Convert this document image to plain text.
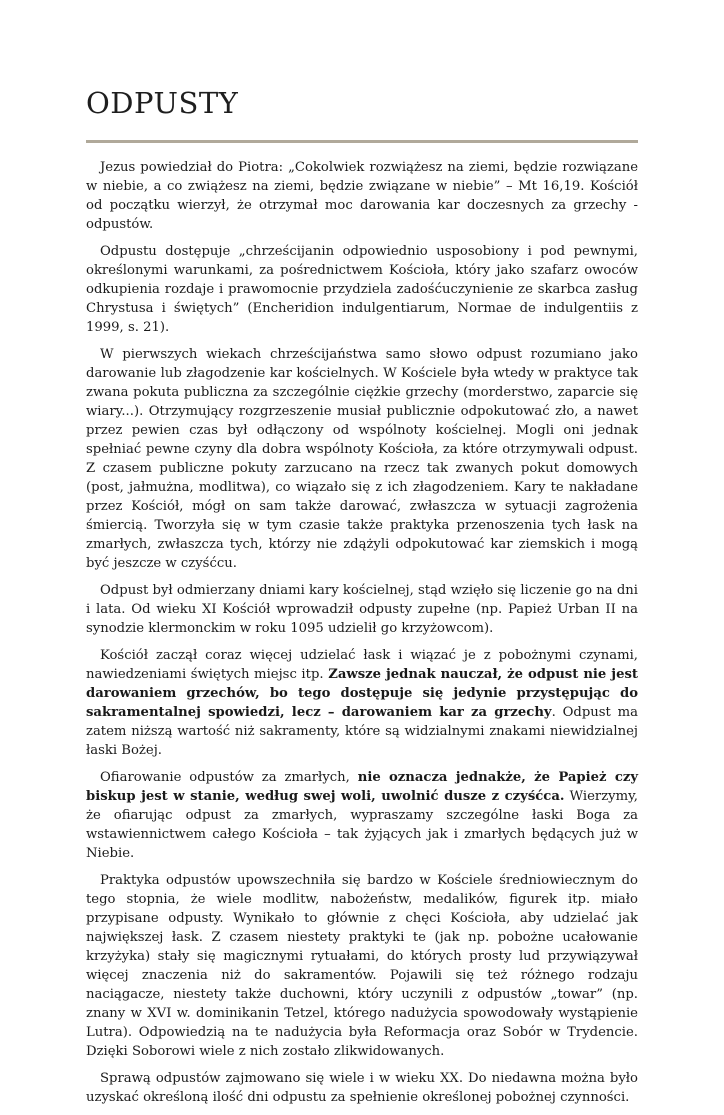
ODPUSTY

Jezus powiedział do Piotra: „Cokolwiek rozwiążesz na ziemi, będzie rozwiązane w niebie, a co zwiążesz na ziemi, będzie związane w niebie” – Mt 16,19. Kościół od początku wierzył, że otrzymał moc darowania kar doczesnych za grzechy - odpustów.

Odpustu dostępuje „chrześcijanin odpowiednio usposobiony i pod pewnymi, określonymi warunkami, za pośrednictwem Kościoła, który jako szafarz owoców odkupienia rozdaje i prawomocnie przydziela zadośćuczynienie ze skarbca zasług Chrystusa i świętych” (Encheridion indulgentiarum, Normae de indulgentiis z 1999, s. 21).

W pierwszych wiekach chrześcijaństwa samo słowo odpust rozumiano jako darowanie lub złagodzenie kar kościelnych. W Kościele była wtedy w praktyce tak zwana pokuta publiczna za szczególnie ciężkie grzechy (morderstwo, zaparcie się wiary...). Otrzymujący rozgrzeszenie musiał publicznie odpokutować zło, a nawet przez pewien czas był odłączony od wspólnoty kościelnej. Mogli oni jednak spełniać pewne czyny dla dobra wspólnoty Kościoła, za które otrzymywali odpust. Z czasem publiczne pokuty zarzucano na rzecz tak zwanych pokut domowych (post, jałmużna, modlitwa), co wiązało się z ich złagodzeniem. Kary te nakładane przez Kościół, mógł on sam także darować, zwłaszcza w sytuacji zagrożenia śmiercią. Tworzyła się w tym czasie także praktyka przenoszenia tych łask na zmarłych, zwłaszcza tych, którzy nie zdążyli odpokutować kar ziemskich i mogą być jeszcze w czyśćcu.

Odpust był odmierzany dniami kary kościelnej, stąd wzięło się liczenie go na dni i lata. Od wieku XI Kościół wprowadził odpusty zupełne (np. Papież Urban II na synodzie klermonckim w roku 1095 udzielił go krzyżowcom).

Kościół zaczął coraz więcej udzielać łask i wiązać je z pobożnymi czynami, nawiedzeniami świętych miejsc itp. Zawsze jednak nauczał, że odpust nie jest darowaniem grzechów, bo tego dostępuje się jedynie przystępując do sakramentalnej spowiedzi, lecz – darowaniem kar za grzechy. Odpust ma zatem niższą wartość niż sakramenty, które są widzialnymi znakami niewidzialnej łaski Bożej.

Ofiarowanie odpustów za zmarłych, nie oznacza jednakże, że Papież czy biskup jest w stanie, według swej woli, uwolnić dusze z czyśćca. Wierzymy, że ofiarując odpust za zmarłych, wypraszamy szczególne łaski Boga za wstawiennictwem całego Kościoła – tak żyjących jak i zmarłych będących już w Niebie.

Praktyka odpustów upowszechniła się bardzo w Kościele średniowiecznym do tego stopnia, że wiele modlitw, nabożeństw, medalików, figurek itp. miało przypisane odpusty. Wynikało to głównie z chęci Kościoła, aby udzielać jak największej łask. Z czasem niestety praktyki te (jak np. pobożne ucałowanie krzyżyka) stały się magicznymi rytuałami, do których prosty lud przywiązywał więcej znaczenia niż do sakramentów. Pojawili się też różnego rodzaju naciągacze, niestety także duchowni, który uczynili z odpustów „towar” (np. znany w XVI w. dominikanin Tetzel, którego nadużycia spowodowały wystąpienie Lutra). Odpowiedzią na te nadużycia była Reformacja oraz Sobór w Trydencie. Dzięki Soborowi wiele z nich zostało zlikwidowanych.

Sprawą odpustów zajmowano się wiele i w wieku XX. Do niedawna można było uzyskać określoną ilość dni odpustu za spełnienie określonej pobożnej czynności.
